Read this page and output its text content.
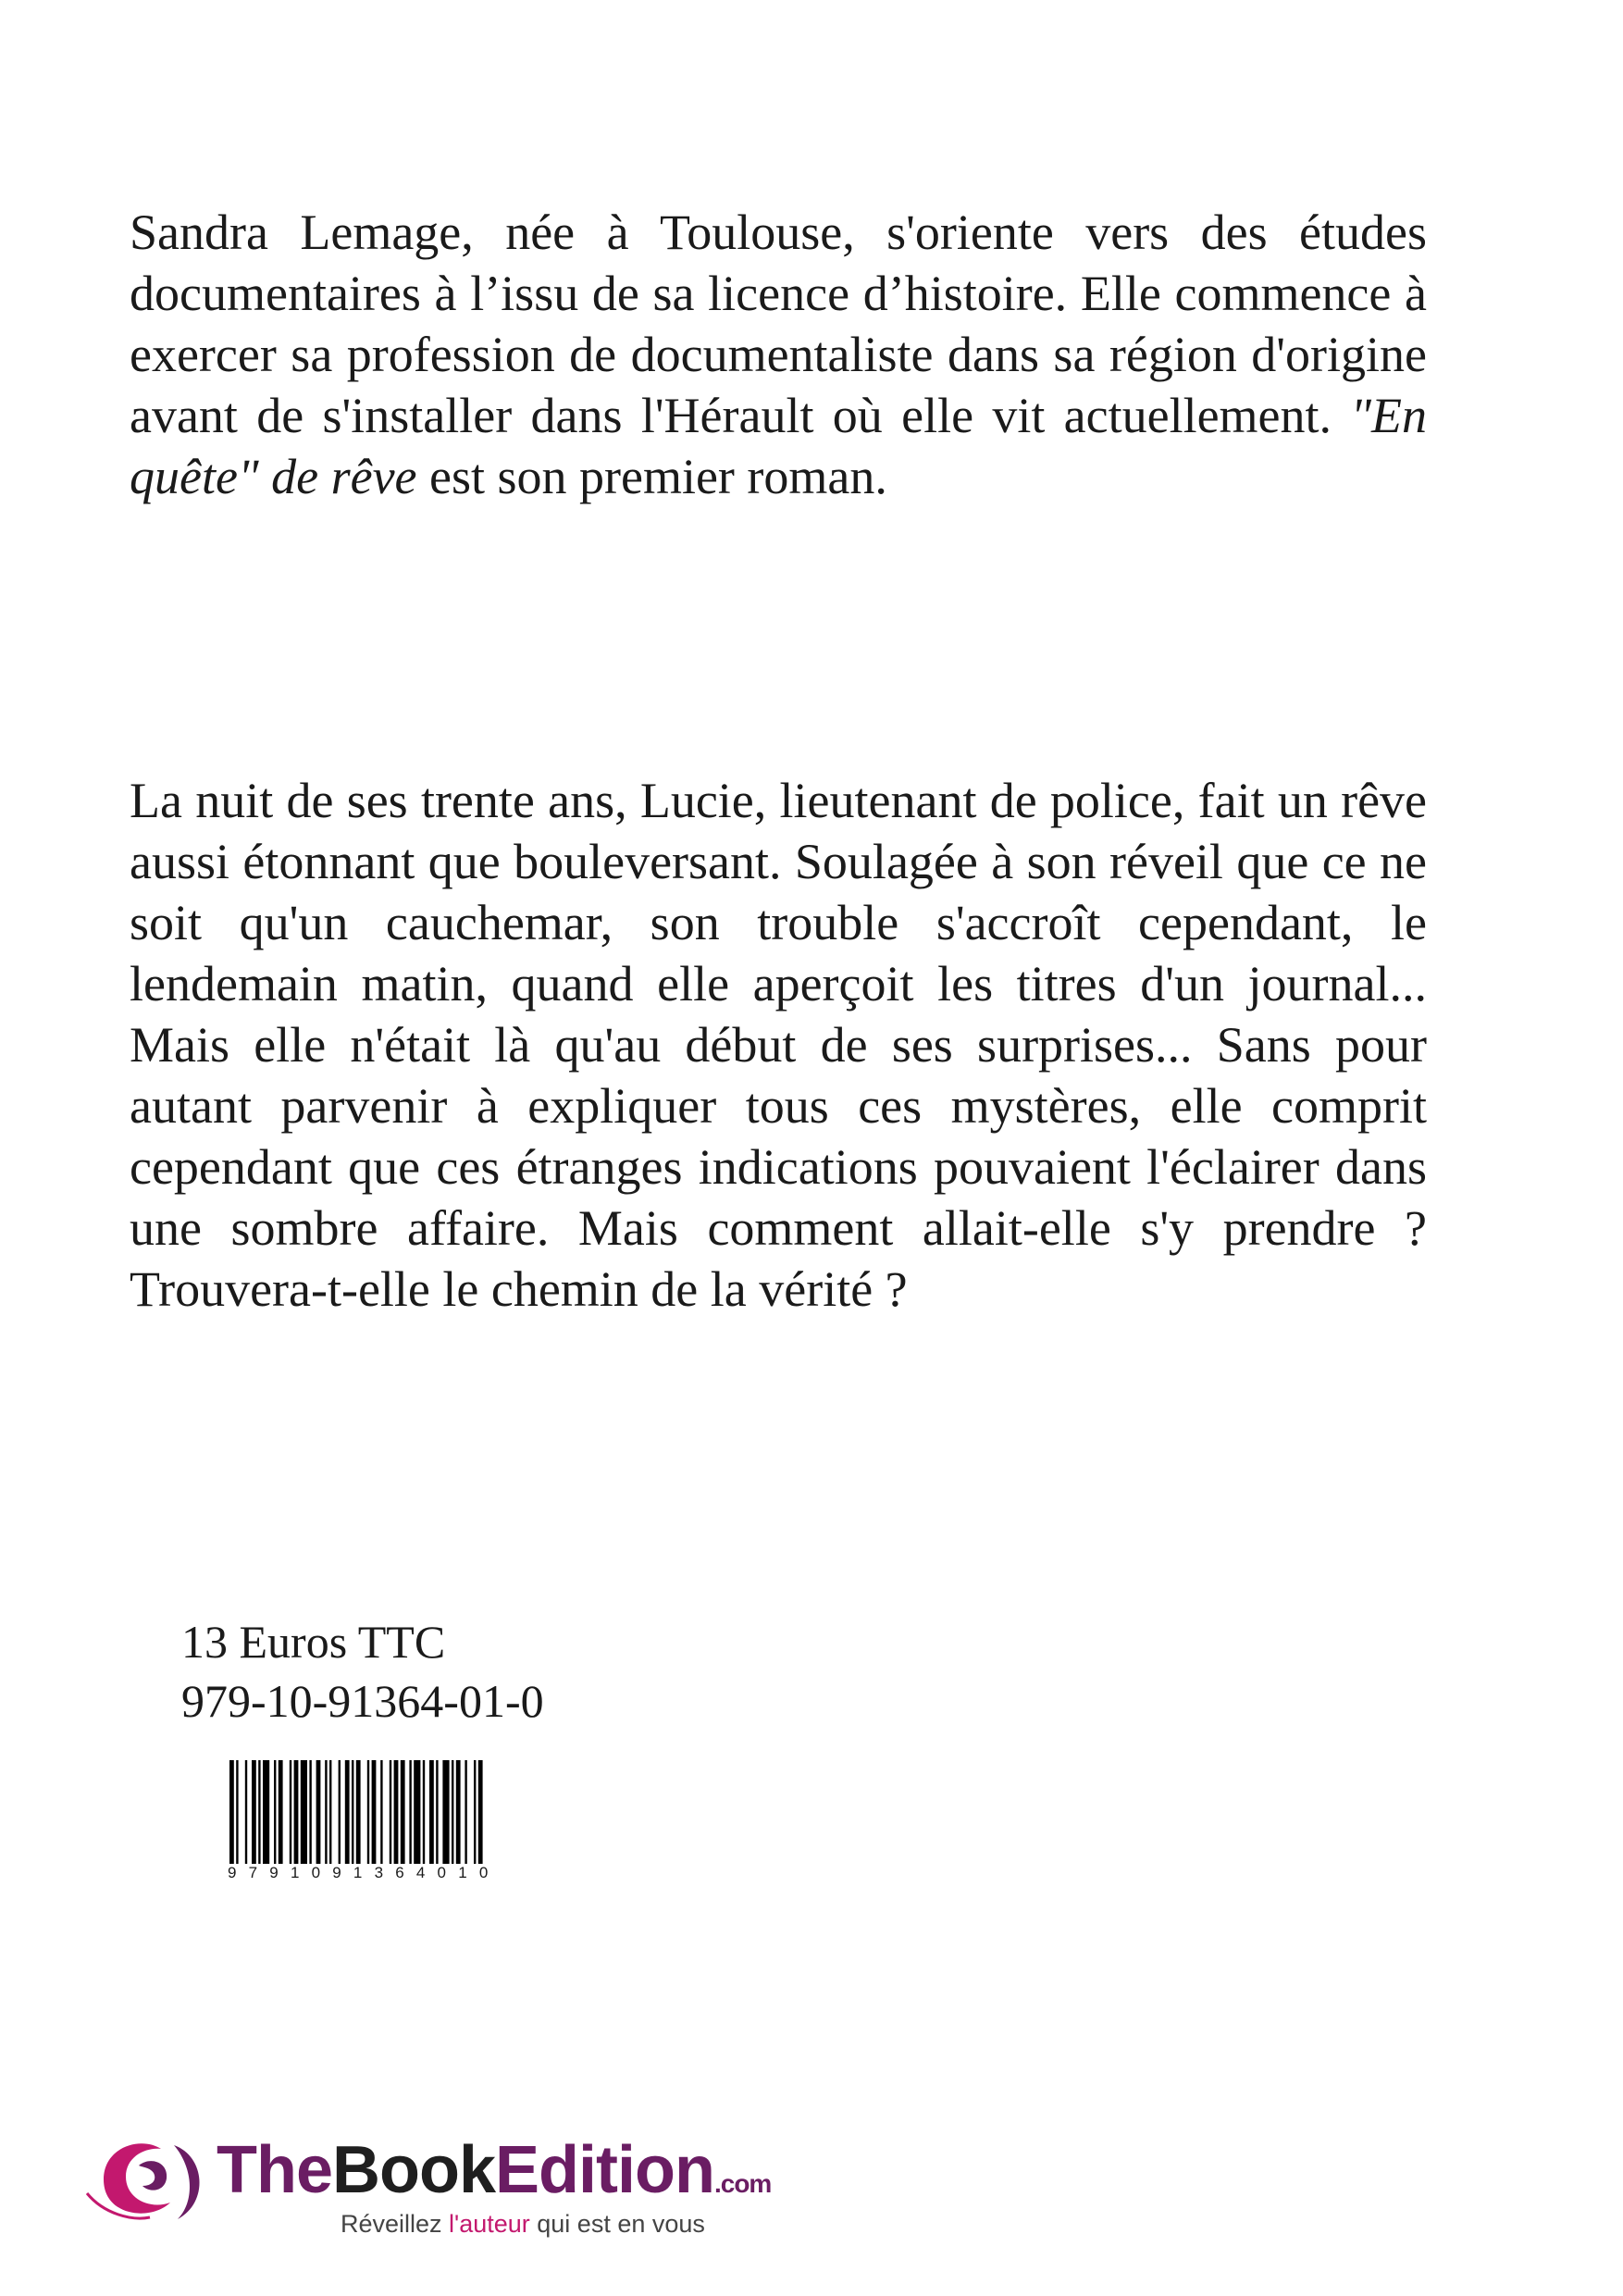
Sandra Lemage, née à Toulouse, s'oriente vers des études documentaires à l’issu de sa licence d’histoire. Elle commence à exercer sa profession de documentaliste dans sa région d'origine avant de s'installer dans l'Hérault où elle vit actuellement. "En quête" de rêve est son premier roman.

La nuit de ses trente ans, Lucie, lieutenant de police, fait un rêve aussi étonnant que bouleversant. Soulagée à son réveil que ce ne soit qu'un cauchemar, son trouble s'accroît cependant, le lendemain matin, quand elle aperçoit les titres d'un journal... Mais elle n'était là qu'au début de ses surprises... Sans pour autant parvenir à expliquer tous ces mystères, elle comprit cependant que ces étranges indications pouvaient l'éclairer dans une sombre affaire. Mais comment allait-elle s'y prendre ? Trouvera-t-elle le chemin de la vérité ?

13 Euros TTC
979-10-91364-01-0
9791091364010
TheBookEdition.com
Réveillez l'auteur qui est en vous
